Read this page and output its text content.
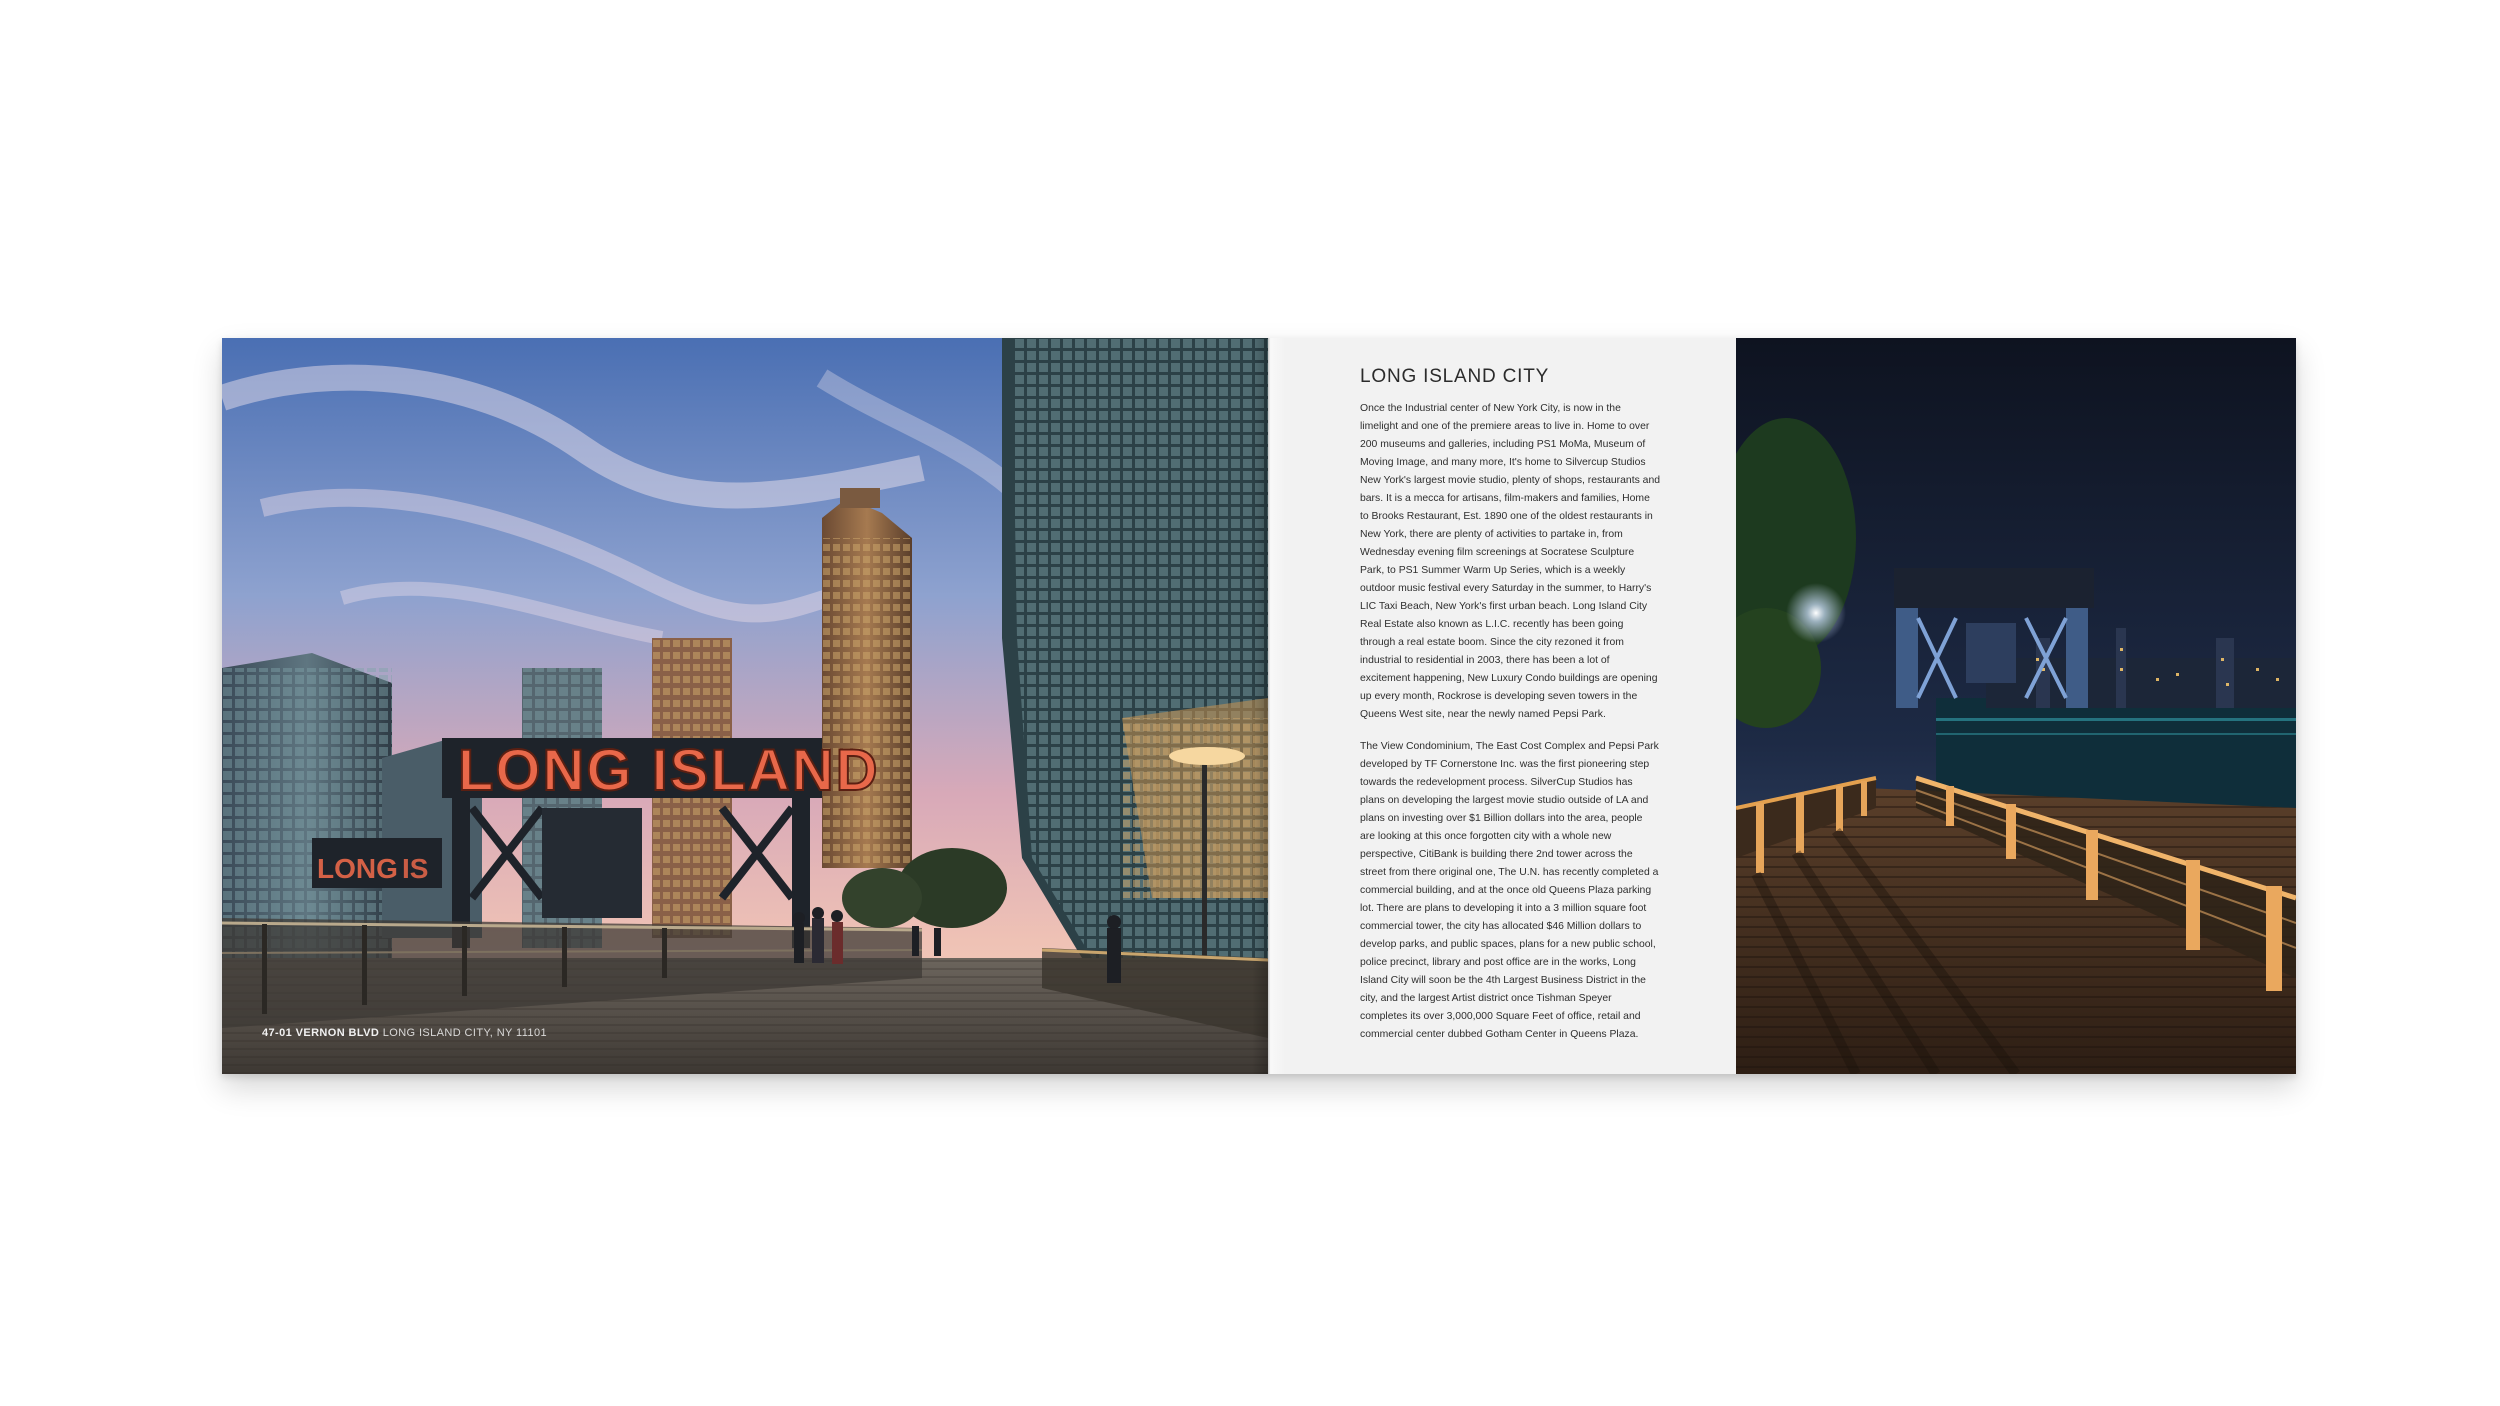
LONG IS
LONG ISLAND
47-01 VERNON BLVD LONG ISLAND CITY, NY 11101
LONG ISLAND CITY

Once the Industrial center of New York City, is now in the limelight and one of the premiere areas to live in. Home to over 200 museums and galleries, including PS1 MoMa, Museum of Moving Image, and many more, It's home to Silvercup Studios New York's largest movie studio, plenty of shops, restaurants and bars. It is a mecca for artisans, film-makers and families, Home to Brooks Restaurant, Est. 1890 one of the oldest restaurants in New York, there are plenty of activities to partake in, from Wednesday evening film screenings at Socratese Sculpture Park, to PS1 Summer Warm Up Series, which is a weekly outdoor music festival every Saturday in the summer, to Harry's LIC Taxi Beach, New York's first urban beach. Long Island City Real Estate also known as L.I.C. recently has been going through a real estate boom. Since the city rezoned it from industrial to residential in 2003, there has been a lot of excitement happening, New Luxury Condo buildings are opening up every month, Rockrose is developing seven towers in the Queens West site, near the newly named Pepsi Park.

The View Condominium, The East Cost Complex and Pepsi Park developed by TF Cornerstone Inc. was the first pioneering step towards the redevelopment process. SilverCup Studios has plans on developing the largest movie studio outside of LA and plans on investing over $1 Billion dollars into the area, people are looking at this once forgotten city with a whole new perspective, CitiBank is building there 2nd tower across the street from there original one, The U.N. has recently completed a commercial building, and at the once old Queens Plaza parking lot. There are plans to developing it into a 3 million square foot commercial tower, the city has allocated $46 Million dollars to develop parks, and public spaces, plans for a new public school, police precinct, library and post office are in the works, Long Island City will soon be the 4th Largest Business District in the city, and the largest Artist district once Tishman Speyer completes its over 3,000,000 Square Feet of office, retail and commercial center dubbed Gotham Center in Queens Plaza.
